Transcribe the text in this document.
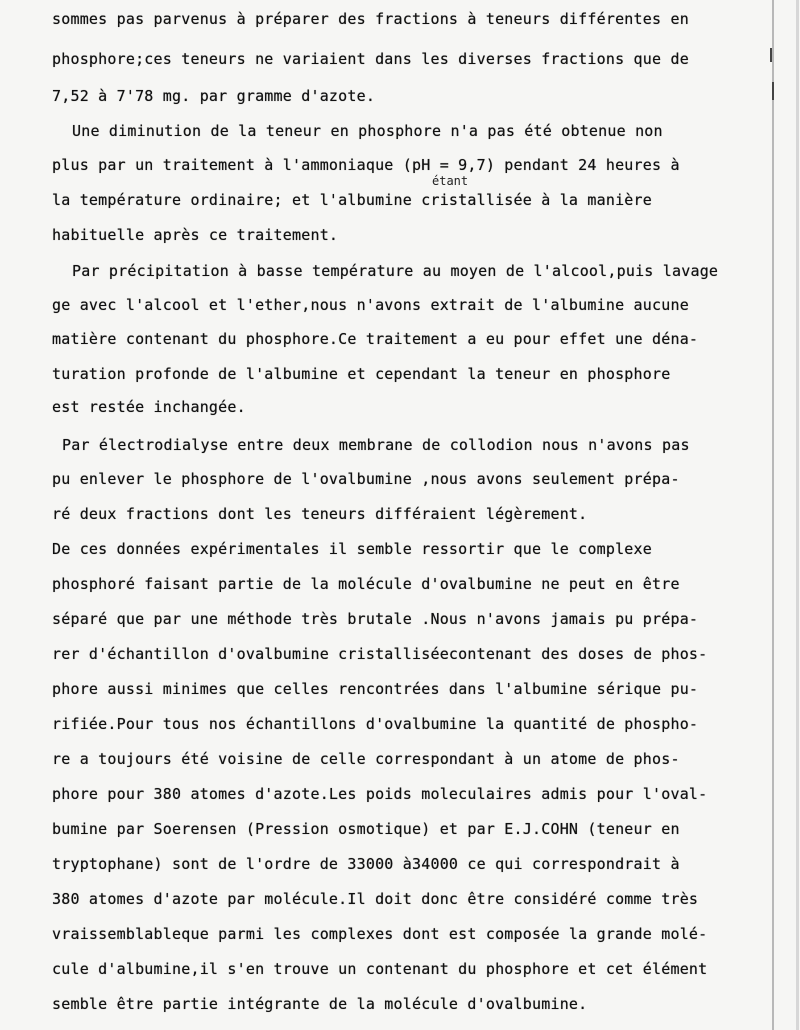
sommes pas parvenus à préparer des fractions à teneurs différentes en
phosphore;ces teneurs ne variaient dans les diverses fractions que de
7,52 à 7'78 mg. par gramme d'azote.
Une diminution de la teneur en phosphore n'a pas été obtenue non
plus par un traitement à l'ammoniaque (pH = 9,7) pendant 24 heures à
étant
la température ordinaire; et l'albumine cristallisée à la manière
habituelle après ce traitement.
Par précipitation à basse température au moyen de l'alcool,puis lavage
ge avec l'alcool et l'ether,nous n'avons extrait de l'albumine aucune
matière contenant du phosphore.Ce traitement a eu pour effet une déna-
turation profonde de l'albumine et cependant la teneur en phosphore
est restée inchangée.
Par électrodialyse entre deux membrane de collodion nous n'avons pas
pu enlever le phosphore de l'ovalbumine ,nous avons seulement prépa-
ré deux fractions dont les teneurs différaient légèrement.
De ces données expérimentales il semble ressortir que le complexe
phosphoré faisant partie de la molécule d'ovalbumine ne peut en être
séparé que par une méthode très brutale .Nous n'avons jamais pu prépa-
rer d'échantillon d'ovalbumine cristalliséecontenant des doses de phos-
phore aussi minimes que celles rencontrées dans l'albumine sérique pu-
rifiée.Pour tous nos échantillons d'ovalbumine la quantité de phospho-
re a toujours été voisine de celle correspondant à un atome de phos-
phore pour 380 atomes d'azote.Les poids moleculaires admis pour l'oval-
bumine par Soerensen (Pression osmotique) et par E.J.COHN (teneur en
tryptophane) sont de l'ordre de 33000 à34000 ce qui correspondrait à
380 atomes d'azote par molécule.Il doit donc être considéré comme très
vraissemblableque parmi les complexes dont est composée la grande molé-
cule d'albumine,il s'en trouve un contenant du phosphore et cet élément
semble être partie intégrante de la molécule d'ovalbumine.
